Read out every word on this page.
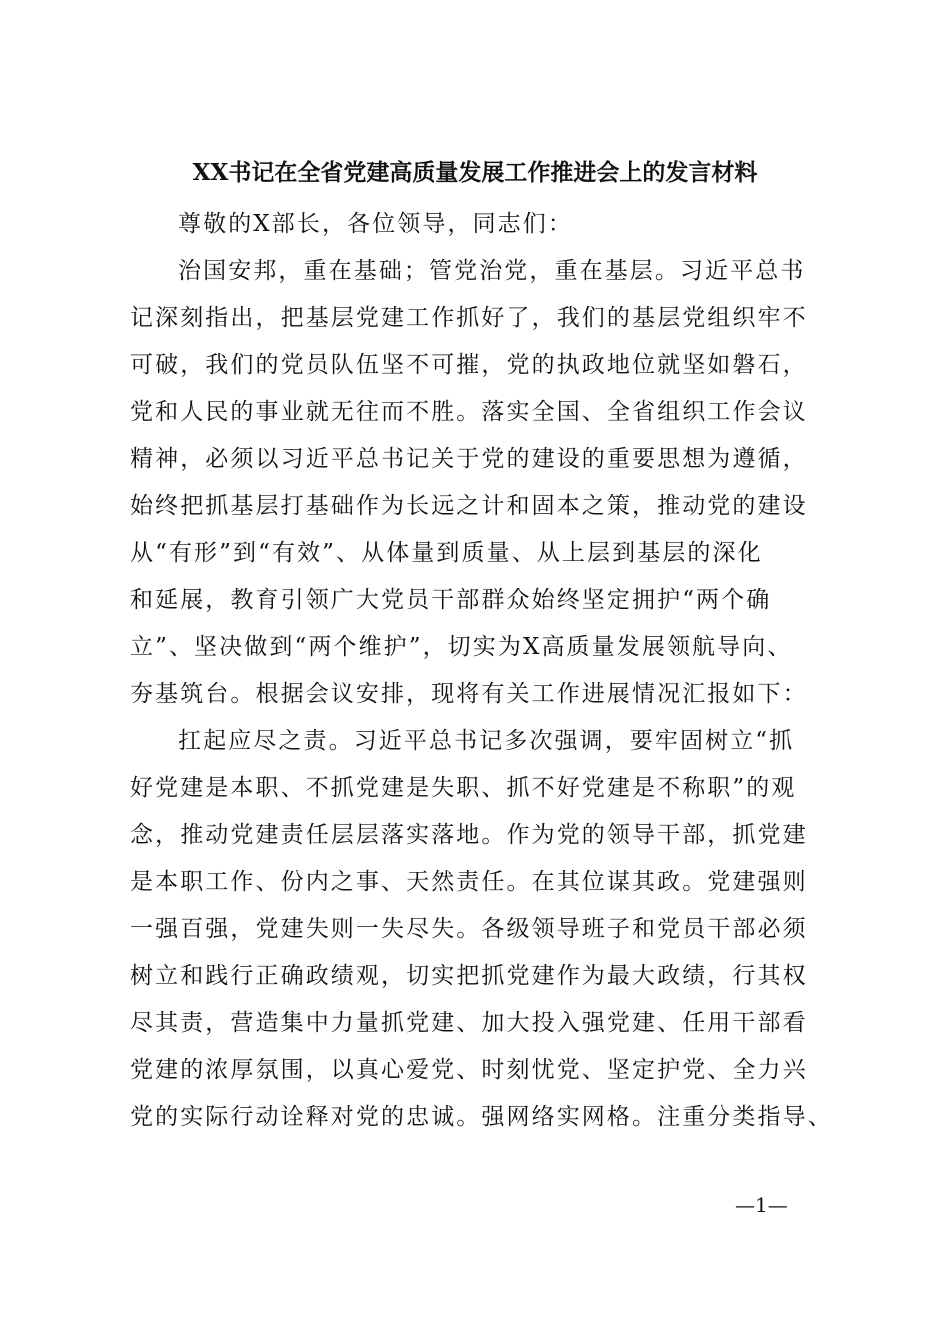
XX书记在全省党建高质量发展工作推进会上的发言材料
尊敬的X部长，各位领导，同志们：
治国安邦，重在基础；管党治党，重在基层。习近平总书
记深刻指出，把基层党建工作抓好了，我们的基层党组织牢不
可破，我们的党员队伍坚不可摧，党的执政地位就坚如磐石，
党和人民的事业就无往而不胜。落实全国、全省组织工作会议
精神，必须以习近平总书记关于党的建设的重要思想为遵循，
始终把抓基层打基础作为长远之计和固本之策，推动党的建设
从“有形”到“有效”、从体量到质量、从上层到基层的深化
和延展，教育引领广大党员干部群众始终坚定拥护“两个确
立”、坚决做到“两个维护”，切实为X高质量发展领航导向、
夯基筑台。根据会议安排，现将有关工作进展情况汇报如下：
扛起应尽之责。习近平总书记多次强调，要牢固树立“抓
好党建是本职、不抓党建是失职、抓不好党建是不称职”的观
念，推动党建责任层层落实落地。作为党的领导干部，抓党建
是本职工作、份内之事、天然责任。在其位谋其政。党建强则
一强百强，党建失则一失尽失。各级领导班子和党员干部必须
树立和践行正确政绩观，切实把抓党建作为最大政绩，行其权
尽其责，营造集中力量抓党建、加大投入强党建、任用干部看
党建的浓厚氛围，以真心爱党、时刻忧党、坚定护党、全力兴
党的实际行动诠释对党的忠诚。强网络实网格。注重分类指导、
—1—
